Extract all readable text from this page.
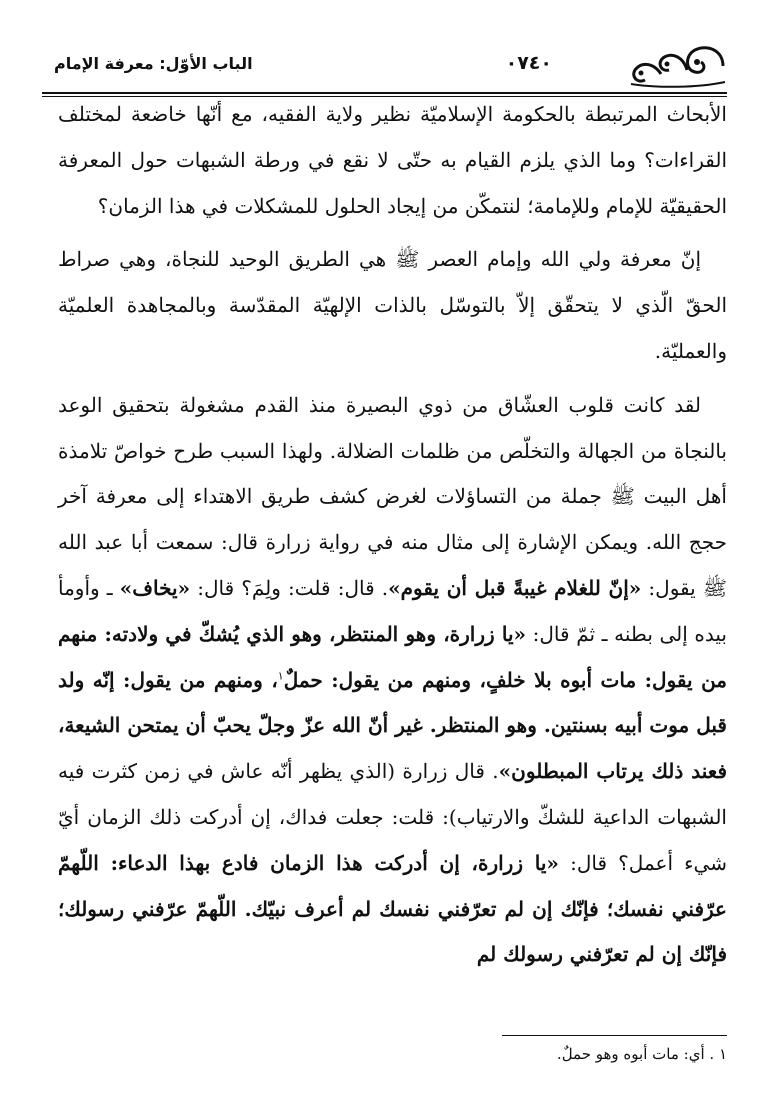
٠٧٤٠
الباب الأوّل: معرفة الإمام

الأبحاث المرتبطة بالحكومة الإسلاميّة نظير ولاية الفقيه، مع أنّها خاضعة لمختلف القراءات؟ وما الذي يلزم القيام به حتّى لا نقع في ورطة الشبهات حول المعرفة الحقيقيّة للإمام وللإمامة؛ لنتمكّن من إيجاد الحلول للمشكلات في هذا الزمان؟

إنّ معرفة ولي الله وإمام العصر ﷺ هي الطريق الوحيد للنجاة، وهي صراط الحقّ الّذي لا يتحقّق إلاّ بالتوسّل بالذات الإلهيّة المقدّسة وبالمجاهدة العلميّة والعمليّة.

لقد كانت قلوب العشّاق من ذوي البصيرة منذ القدم مشغولة بتحقيق الوعد بالنجاة من الجهالة والتخلّص من ظلمات الضلالة. ولهذا السبب طرح خواصّ تلامذة أهل البيت ﷺ جملة من التساؤلات لغرض كشف طريق الاهتداء إلى معرفة آخر حجج الله. ويمكن الإشارة إلى مثال منه في رواية زرارة قال: سمعت أبا عبد الله ﷺ يقول: «إنّ للغلام غيبةً قبل أن يقوم». قال: قلت: ولِمَ؟ قال: «يخاف» ـ وأومأ بيده إلى بطنه ـ ثمّ قال: «يا زرارة، وهو المنتظر، وهو الذي يُشكّ في ولادته: منهم من يقول: مات أبوه بلا خلفٍ، ومنهم من يقول: حملٌ$^١$، ومنهم من يقول: إنّه ولد قبل موت أبيه بسنتين. وهو المنتظر. غير أنّ الله عزّ وجلّ يحبّ أن يمتحن الشيعة، فعند ذلك يرتاب المبطلون». قال زرارة (الذي يظهر أنّه عاش في زمن كثرت فيه الشبهات الداعية للشكّ والارتياب): قلت: جعلت فداك، إن أدركت ذلك الزمان أيّ شيء أعمل؟ قال: «يا زرارة، إن أدركت هذا الزمان فادع بهذا الدعاء: اللّهمّ عرّفني نفسك؛ فإنّك إن لم تعرّفني نفسك لم أعرف نبيّك. اللّهمّ عرّفني رسولك؛ فإنّك إن لم تعرّفني رسولك لم

١ . أي: مات أبوه وهو حملٌ.
